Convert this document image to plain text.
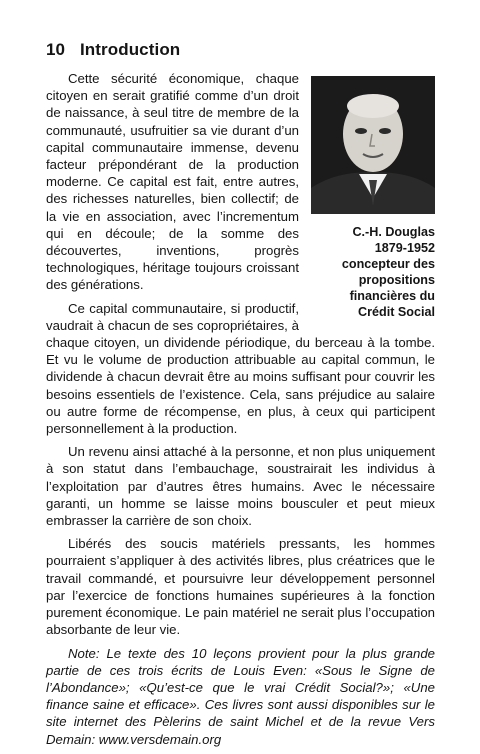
10 Introduction
C.-H. Douglas
1879-1952
concepteur des
propositions
financières du
Crédit Social

Cette sécurité économique, chaque citoyen en serait gratifié comme d’un droit de naissance, à seul titre de membre de la communauté, usufruitier sa vie durant d’un capital communautaire immense, devenu facteur prépondérant de la production moderne. Ce capital est fait, entre autres, des richesses naturelles, bien collectif; de la vie en association, avec l’incrementum qui en découle; de la somme des découvertes, inventions, progrès technologiques, héritage toujours croissant des générations.

Ce capital communautaire, si productif, vaudrait à chacun de ses copropriétaires, à chaque citoyen, un dividende périodique, du berceau à la tombe. Et vu le volume de production attribuable au capital commun, le dividende à chacun devrait être au moins suffisant pour couvrir les besoins essentiels de l’existence. Cela, sans préjudice au salaire ou autre forme de récompense, en plus, à ceux qui participent personnellement à la production.

Un revenu ainsi attaché à la personne, et non plus uniquement à son statut dans l’embauchage, soustrairait les individus à l’exploitation par d’autres êtres humains. Avec le nécessaire garanti, un homme se laisse moins bousculer et peut mieux embrasser la carrière de son choix.

Libérés des soucis matériels pressants, les hommes pourraient s’appliquer à des activités libres, plus créatrices que le travail commandé, et poursuivre leur développement personnel par l’exercice de fonctions humaines supérieures à la fonction purement économique. Le pain matériel ne serait plus l’occupation absorbante de leur vie.

Note: Le texte des 10 leçons provient pour la plus grande partie de ces trois écrits de Louis Even: «Sous le Signe de l’Abondance»; «Qu’est-ce que le vrai Crédit Social?»; «Une finance saine et efficace». Ces livres sont aussi disponibles sur le site internet des Pèlerins de saint Michel et de la revue Vers Demain: www.versdemain.org
